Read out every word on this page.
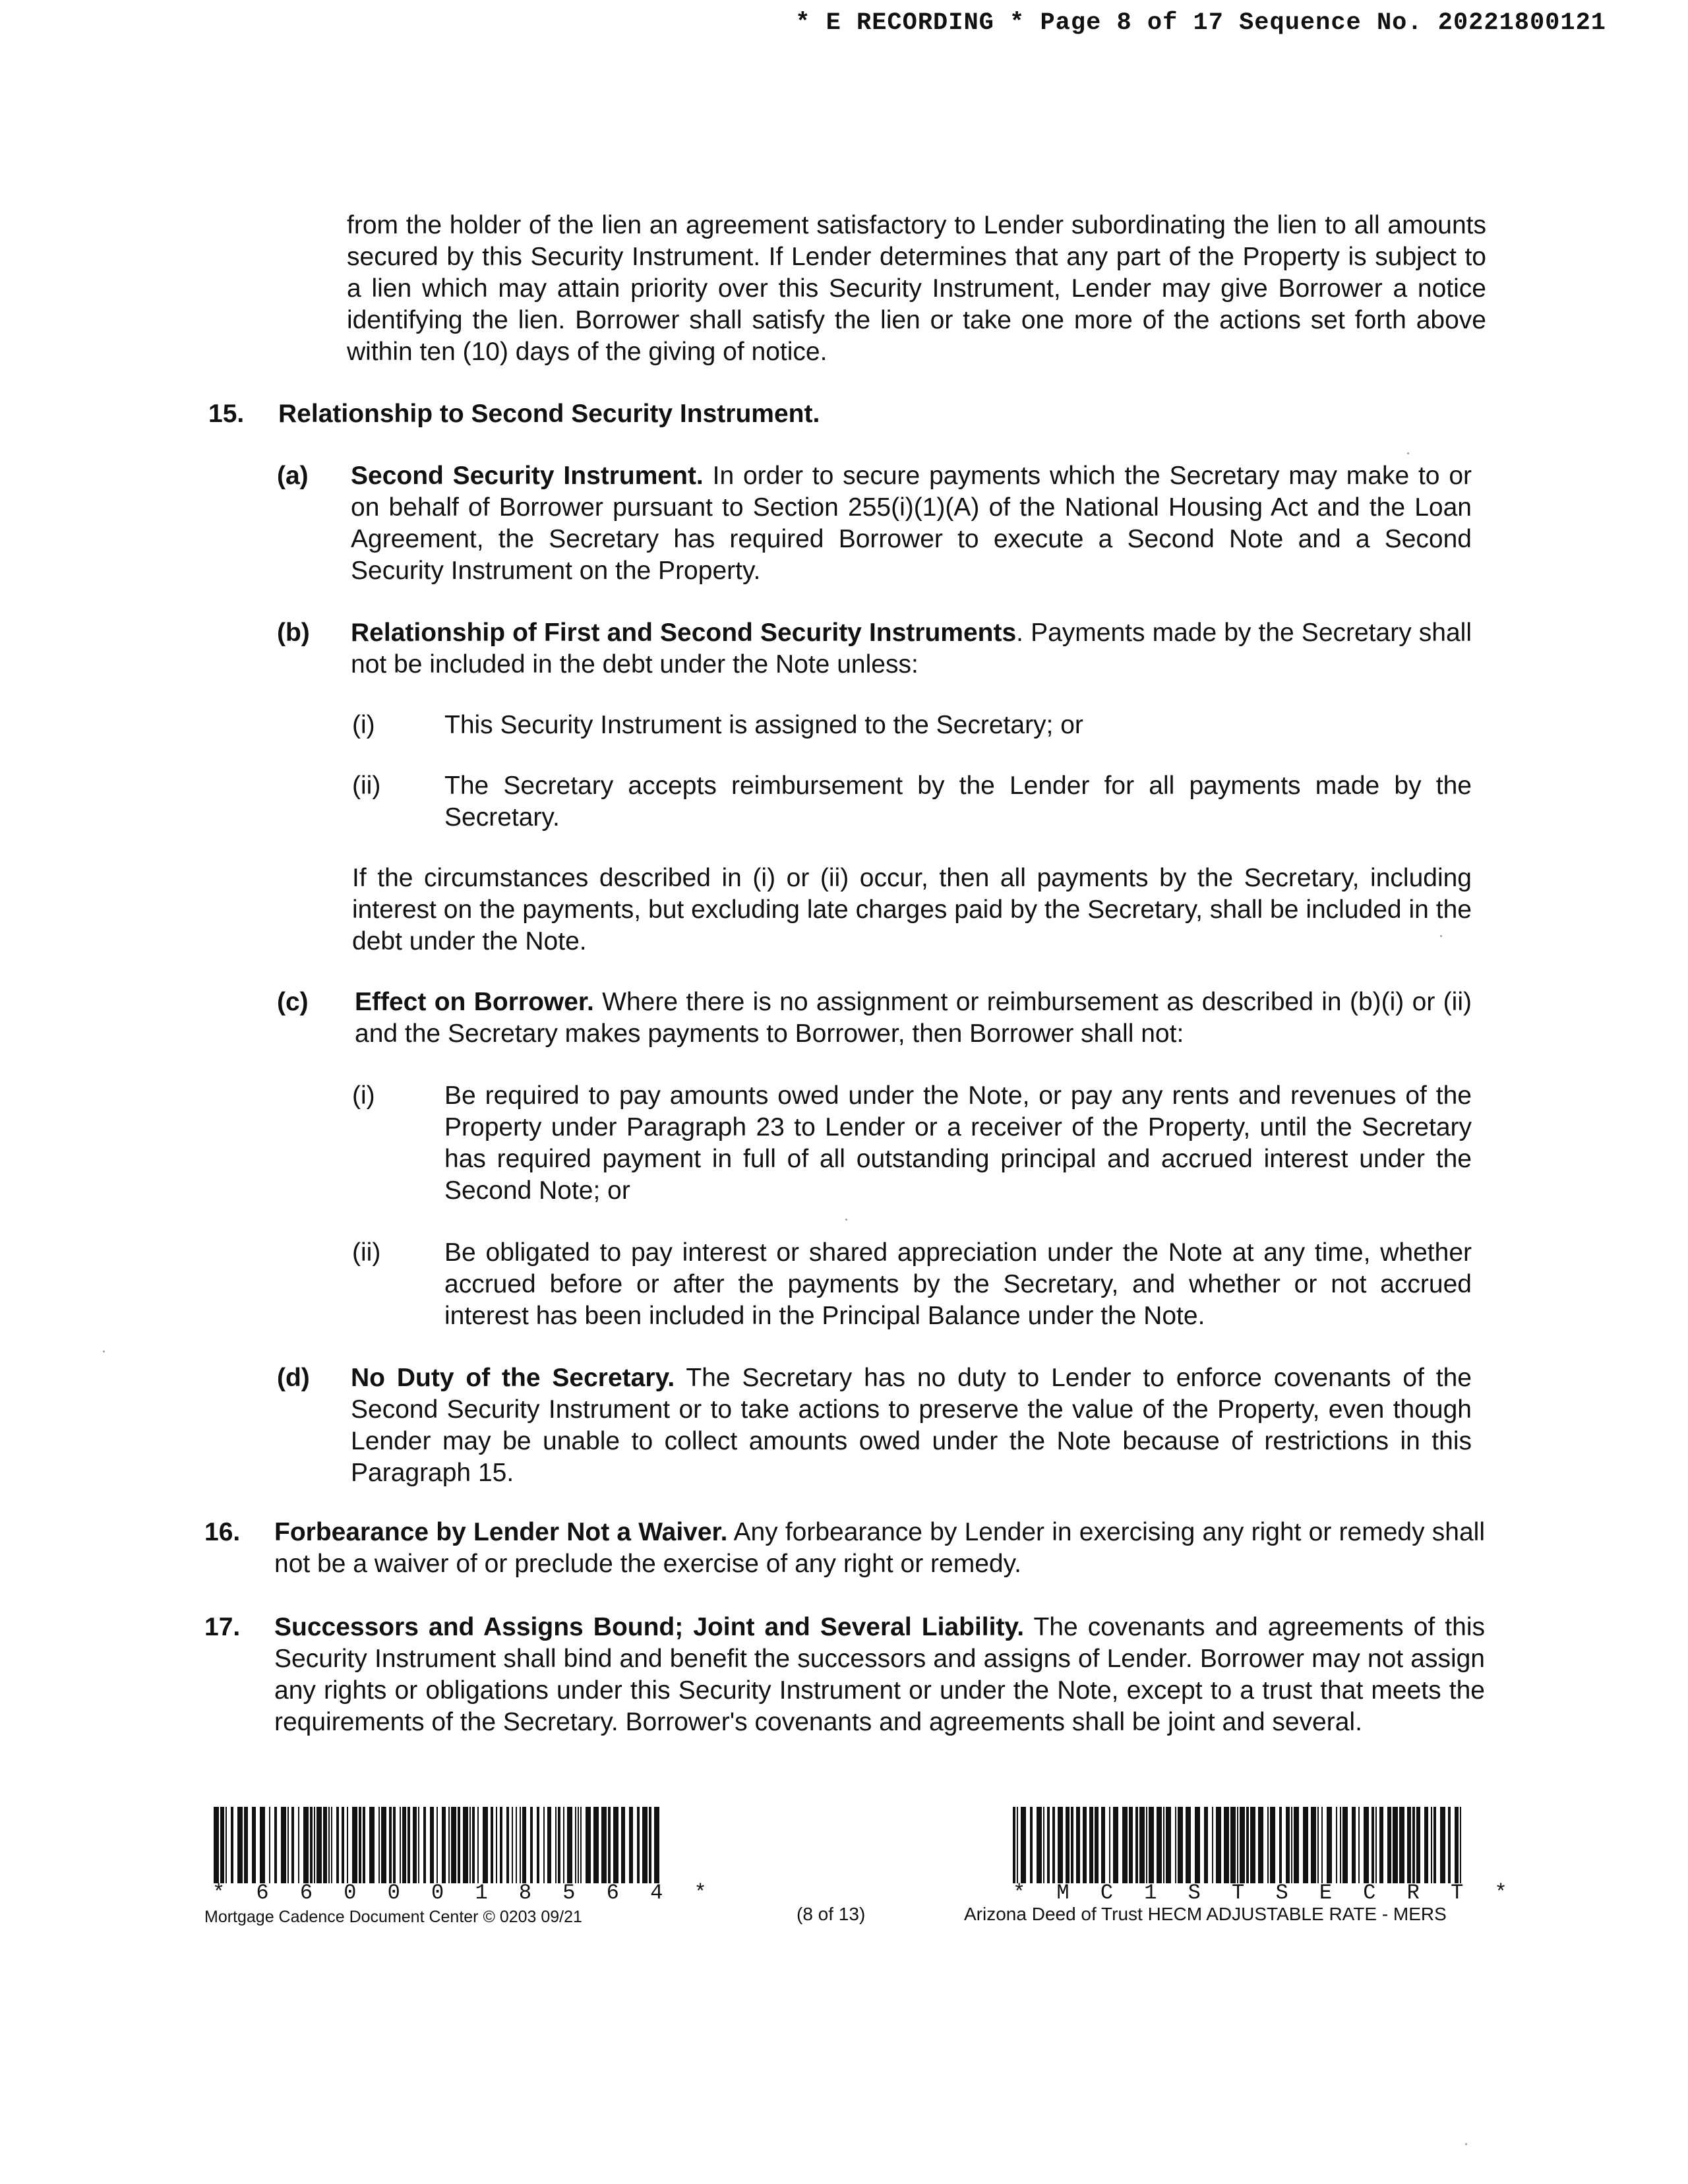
* E RECORDING * Page 8 of 17 Sequence No. 20221800121

from the holder of the lien an agreement satisfactory to Lender subordinating the lien to all amounts secured by this Security Instrument. If Lender determines that any part of the Property is subject to a lien which may attain priority over this Security Instrument, Lender may give Borrower a notice identifying the lien. Borrower shall satisfy the lien or take one more of the actions set forth above within ten (10) days of the giving of notice.

15. Relationship to Second Security Instrument.
(a) Second Security Instrument. In order to secure payments which the Secretary may make to or on behalf of Borrower pursuant to Section 255(i)(1)(A) of the National Housing Act and the Loan Agreement, the Secretary has required Borrower to execute a Second Note and a Second Security Instrument on the Property.

(b) Relationship of First and Second Security Instruments. Payments made by the Secretary shall not be included in the debt under the Note unless:

(i)	This Security Instrument is assigned to the Secretary; or

(ii) The Secretary accepts reimbursement by the Lender for all payments made by the Secretary.

If the circumstances described in (i) or (ii) occur, then all payments by the Secretary, including interest on the payments, but excluding late charges paid by the Secretary, shall be included in the debt under the Note.

(c) Effect on Borrower. Where there is no assignment or reimbursement as described in (b)(i) or (ii) and the Secretary makes payments to Borrower, then Borrower shall not:

(i)	Be required to pay amounts owed under the Note, or pay any rents and revenues of the Property under Paragraph 23 to Lender or a receiver of the Property, until the Secretary has required payment in full of all outstanding principal and accrued interest under the Second Note; or

(ii) Be obligated to pay interest or shared appreciation under the Note at any time, whether accrued before or after the payments by the Secretary, and whether or not accrued interest has been included in the Principal Balance under the Note.

(d) No Duty of the Secretary. The Secretary has no duty to Lender to enforce covenants of the Second Security Instrument or to take actions to preserve the value of the Property, even though Lender may be unable to collect amounts owed under the Note because of restrictions in this Paragraph 15.

16. Forbearance by Lender Not a Waiver. Any forbearance by Lender in exercising any right or remedy shall not be a waiver of or preclude the exercise of any right or remedy.

17. Successors and Assigns Bound; Joint and Several Liability. The covenants and agreements of this Security Instrument shall bind and benefit the successors and assigns of Lender. Borrower may not assign any rights or obligations under this Security Instrument or under the Note, except to a trust that meets the requirements of the Secretary. Borrower's covenants and agreements shall be joint and several.

* 6 6 0 0 0 1 8 5 6 4 *
Mortgage Cadence Document Center © 0203 09/21	(8 of 13)
* M C 1 S T S E C R T *
Arizona Deed of Trust HECM ADJUSTABLE RATE - MERS
